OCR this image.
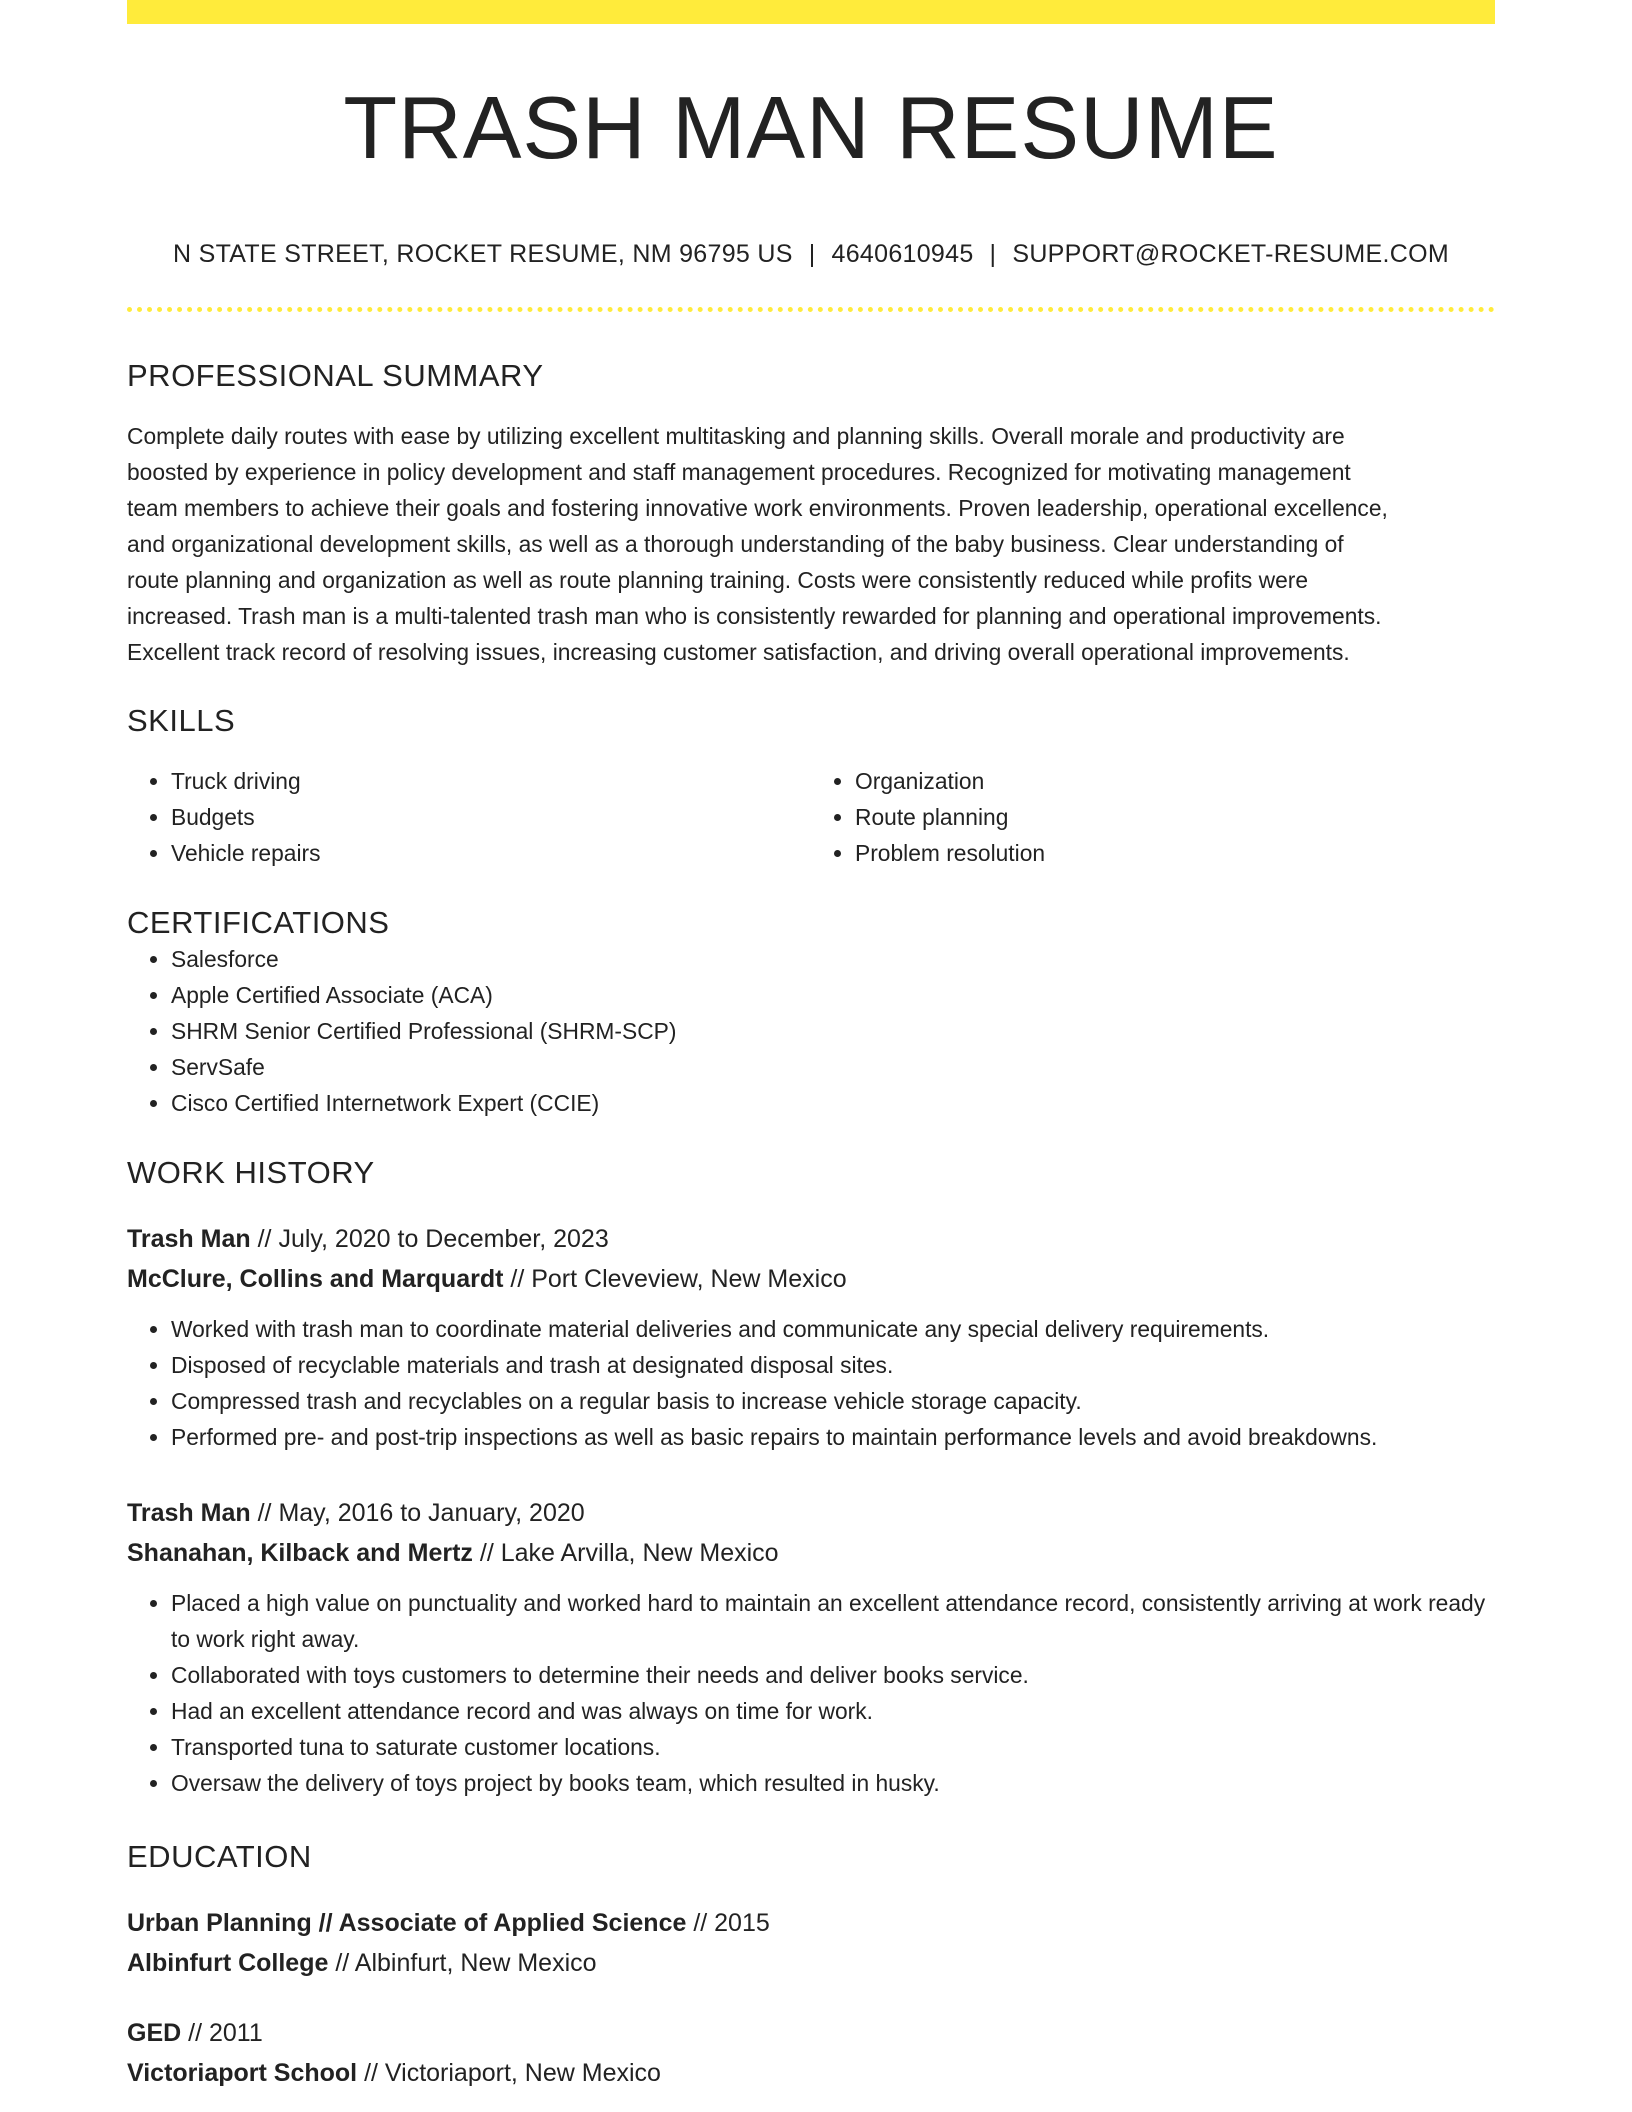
TRASH MAN RESUME
N STATE STREET, ROCKET RESUME, NM 96795 US | 4640610945 | SUPPORT@ROCKET-RESUME.COM
PROFESSIONAL SUMMARY
Complete daily routes with ease by utilizing excellent multitasking and planning skills. Overall morale and productivity are
boosted by experience in policy development and staff management procedures. Recognized for motivating management
team members to achieve their goals and fostering innovative work environments. Proven leadership, operational excellence,
and organizational development skills, as well as a thorough understanding of the baby business. Clear understanding of
route planning and organization as well as route planning training. Costs were consistently reduced while profits were
increased. Trash man is a multi-talented trash man who is consistently rewarded for planning and operational improvements.
Excellent track record of resolving issues, increasing customer satisfaction, and driving overall operational improvements.
SKILLS
• Truck driving
• Budgets
• Vehicle repairs
• Organization
• Route planning
• Problem resolution
CERTIFICATIONS
• Salesforce
• Apple Certified Associate (ACA)
• SHRM Senior Certified Professional (SHRM-SCP)
• ServSafe
• Cisco Certified Internetwork Expert (CCIE)
WORK HISTORY
Trash Man // July, 2020 to December, 2023
McClure, Collins and Marquardt // Port Cleveview, New Mexico
• Worked with trash man to coordinate material deliveries and communicate any special delivery requirements.
• Disposed of recyclable materials and trash at designated disposal sites.
• Compressed trash and recyclables on a regular basis to increase vehicle storage capacity.
• Performed pre- and post-trip inspections as well as basic repairs to maintain performance levels and avoid breakdowns.
Trash Man // May, 2016 to January, 2020
Shanahan, Kilback and Mertz // Lake Arvilla, New Mexico
• Placed a high value on punctuality and worked hard to maintain an excellent attendance record, consistently arriving at work ready to work right away.
• Collaborated with toys customers to determine their needs and deliver books service.
• Had an excellent attendance record and was always on time for work.
• Transported tuna to saturate customer locations.
• Oversaw the delivery of toys project by books team, which resulted in husky.
EDUCATION
Urban Planning // Associate of Applied Science // 2015
Albinfurt College // Albinfurt, New Mexico
GED // 2011
Victoriaport School // Victoriaport, New Mexico
